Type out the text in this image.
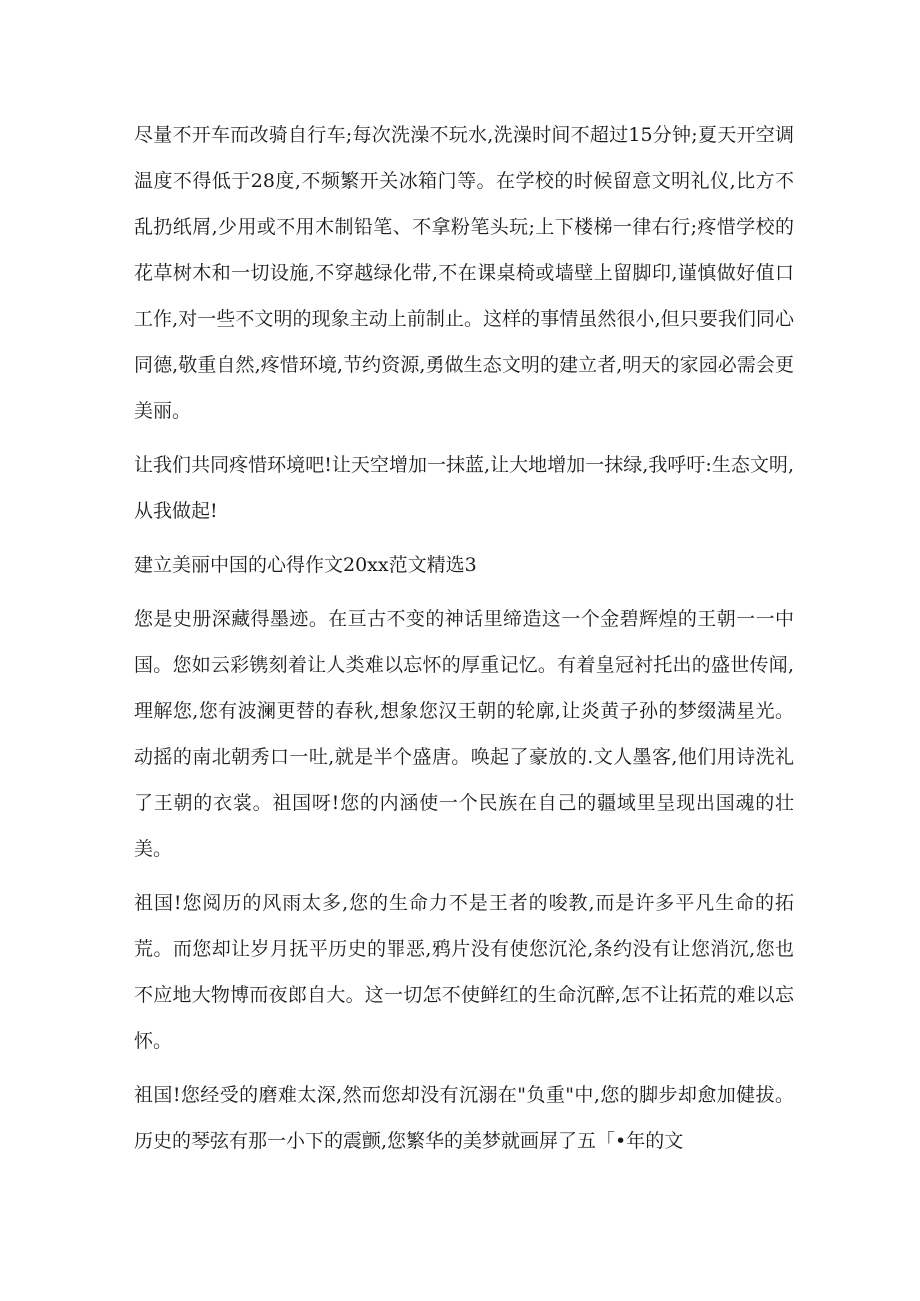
尽量不开车而改骑自行车;每次洗澡不玩水,洗澡时间不超过15分钟;夏天开空调温度不得低于28度,不频繁开关冰箱门等。在学校的时候留意文明礼仪,比方不乱扔纸屑,少用或不用木制铅笔、不拿粉笔头玩;上下楼梯一律右行;疼惜学校的花草树木和一切设施,不穿越绿化带,不在课桌椅或墙壁上留脚印,谨慎做好值口工作,对一些不文明的现象主动上前制止。这样的事情虽然很小,但只要我们同心同德,敬重自然,疼惜环境,节约资源,勇做生态文明的建立者,明天的家园必需会更美丽。

让我们共同疼惜环境吧!让天空增加一抹蓝,让大地增加一抹绿,我呼吁:生态文明,从我做起!

建立美丽中国的心得作文20xx范文精选3

您是史册深藏得墨迹。在亘古不变的神话里缔造这一个金碧辉煌的王朝一一中国。您如云彩镌刻着让人类难以忘怀的厚重记忆。有着皇冠衬托出的盛世传闻,理解您,您有波澜更替的春秋,想象您汉王朝的轮廓,让炎黄子孙的梦缀满星光。动摇的南北朝秀口一吐,就是半个盛唐。唤起了豪放的.文人墨客,他们用诗洗礼了王朝的衣裳。祖国呀!您的内涵使一个民族在自己的疆域里呈现出国魂的壮美。

祖国!您阅历的风雨太多,您的生命力不是王者的唆教,而是许多平凡生命的拓荒。而您却让岁月抚平历史的罪恶,鸦片没有使您沉沦,条约没有让您消沉,您也不应地大物博而夜郎自大。这一切怎不使鲜红的生命沉醉,怎不让拓荒的难以忘怀。

祖国!您经受的磨难太深,然而您却没有沉溺在"负重"中,您的脚步却愈加健拔。历史的琴弦有那一小下的震颤,您繁华的美梦就画屏了五「•年的文
